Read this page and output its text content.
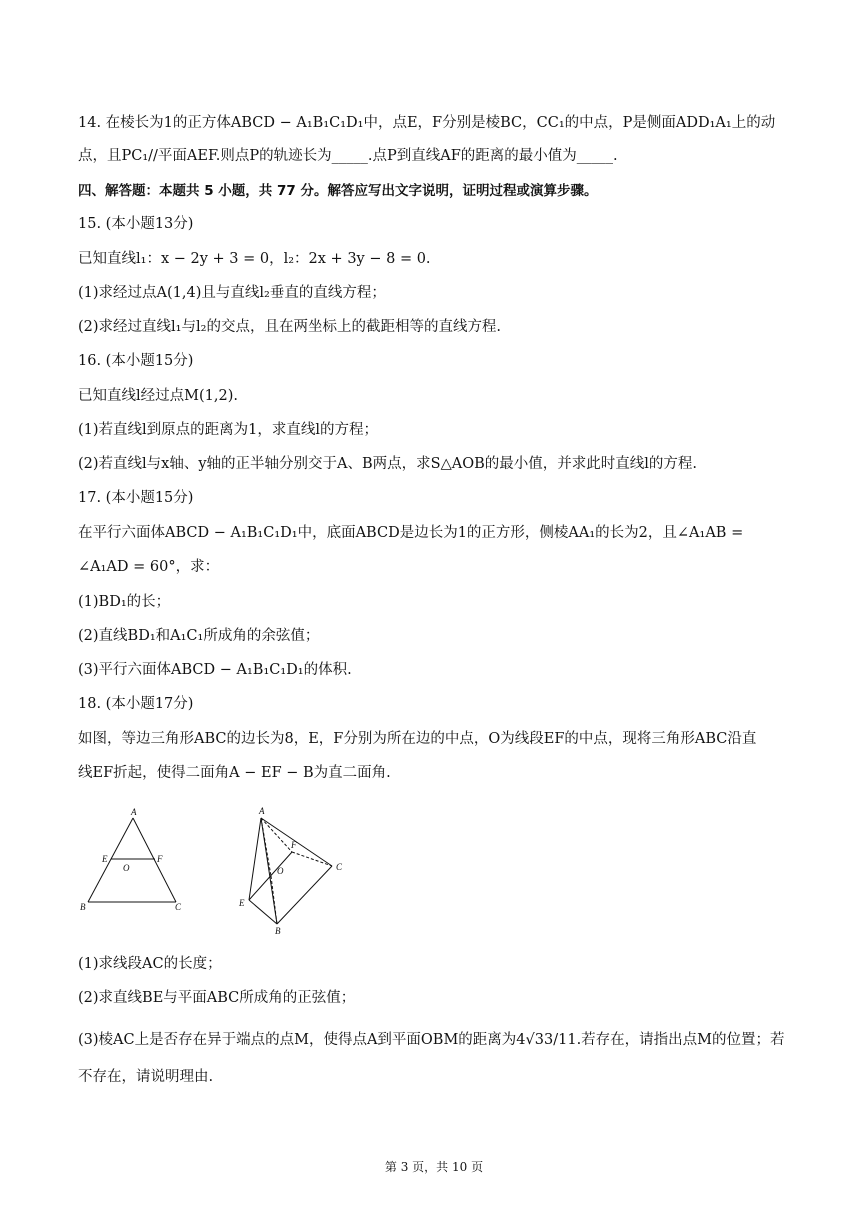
14. 在棱长为1的正方体ABCD − A₁B₁C₁D₁中，点E，F分别是棱BC，CC₁的中点，P是侧面ADD₁A₁上的动
点，且PC₁//平面AEF.则点P的轨迹长为_____.点P到直线AF的距离的最小值为_____.
四、解答题：本题共 5 小题，共 77 分。解答应写出文字说明，证明过程或演算步骤。
15. (本小题13分)
已知直线l₁：x − 2y + 3 = 0，l₂：2x + 3y − 8 = 0.
(1)求经过点A(1,4)且与直线l₂垂直的直线方程；
(2)求经过直线l₁与l₂的交点，且在两坐标上的截距相等的直线方程.
16. (本小题15分)
已知直线l经过点M(1,2).
(1)若直线l到原点的距离为1，求直线l的方程；
(2)若直线l与x轴、y轴的正半轴分别交于A、B两点，求S△AOB的最小值，并求此时直线l的方程.
17. (本小题15分)
在平行六面体ABCD − A₁B₁C₁D₁中，底面ABCD是边长为1的正方形，侧棱AA₁的长为2，且∠A₁AB =
∠A₁AD = 60°，求：
(1)BD₁的长；
(2)直线BD₁和A₁C₁所成角的余弦值；
(3)平行六面体ABCD − A₁B₁C₁D₁的体积.
18. (本小题17分)
如图，等边三角形ABC的边长为8，E，F分别为所在边的中点，O为线段EF的中点，现将三角形ABC沿直
线EF折起，使得二面角A − EF − B为直二面角.
A
B	C
E	F
O
A
B
C
E
F
O
(1)求线段AC的长度；
(2)求直线BE与平面ABC所成角的正弦值；
(3)棱AC上是否存在异于端点的点M，使得点A到平面OBM的距离为4√33/11.若存在，请指出点M的位置；若
不存在，请说明理由.
第 3 页，共 10 页
